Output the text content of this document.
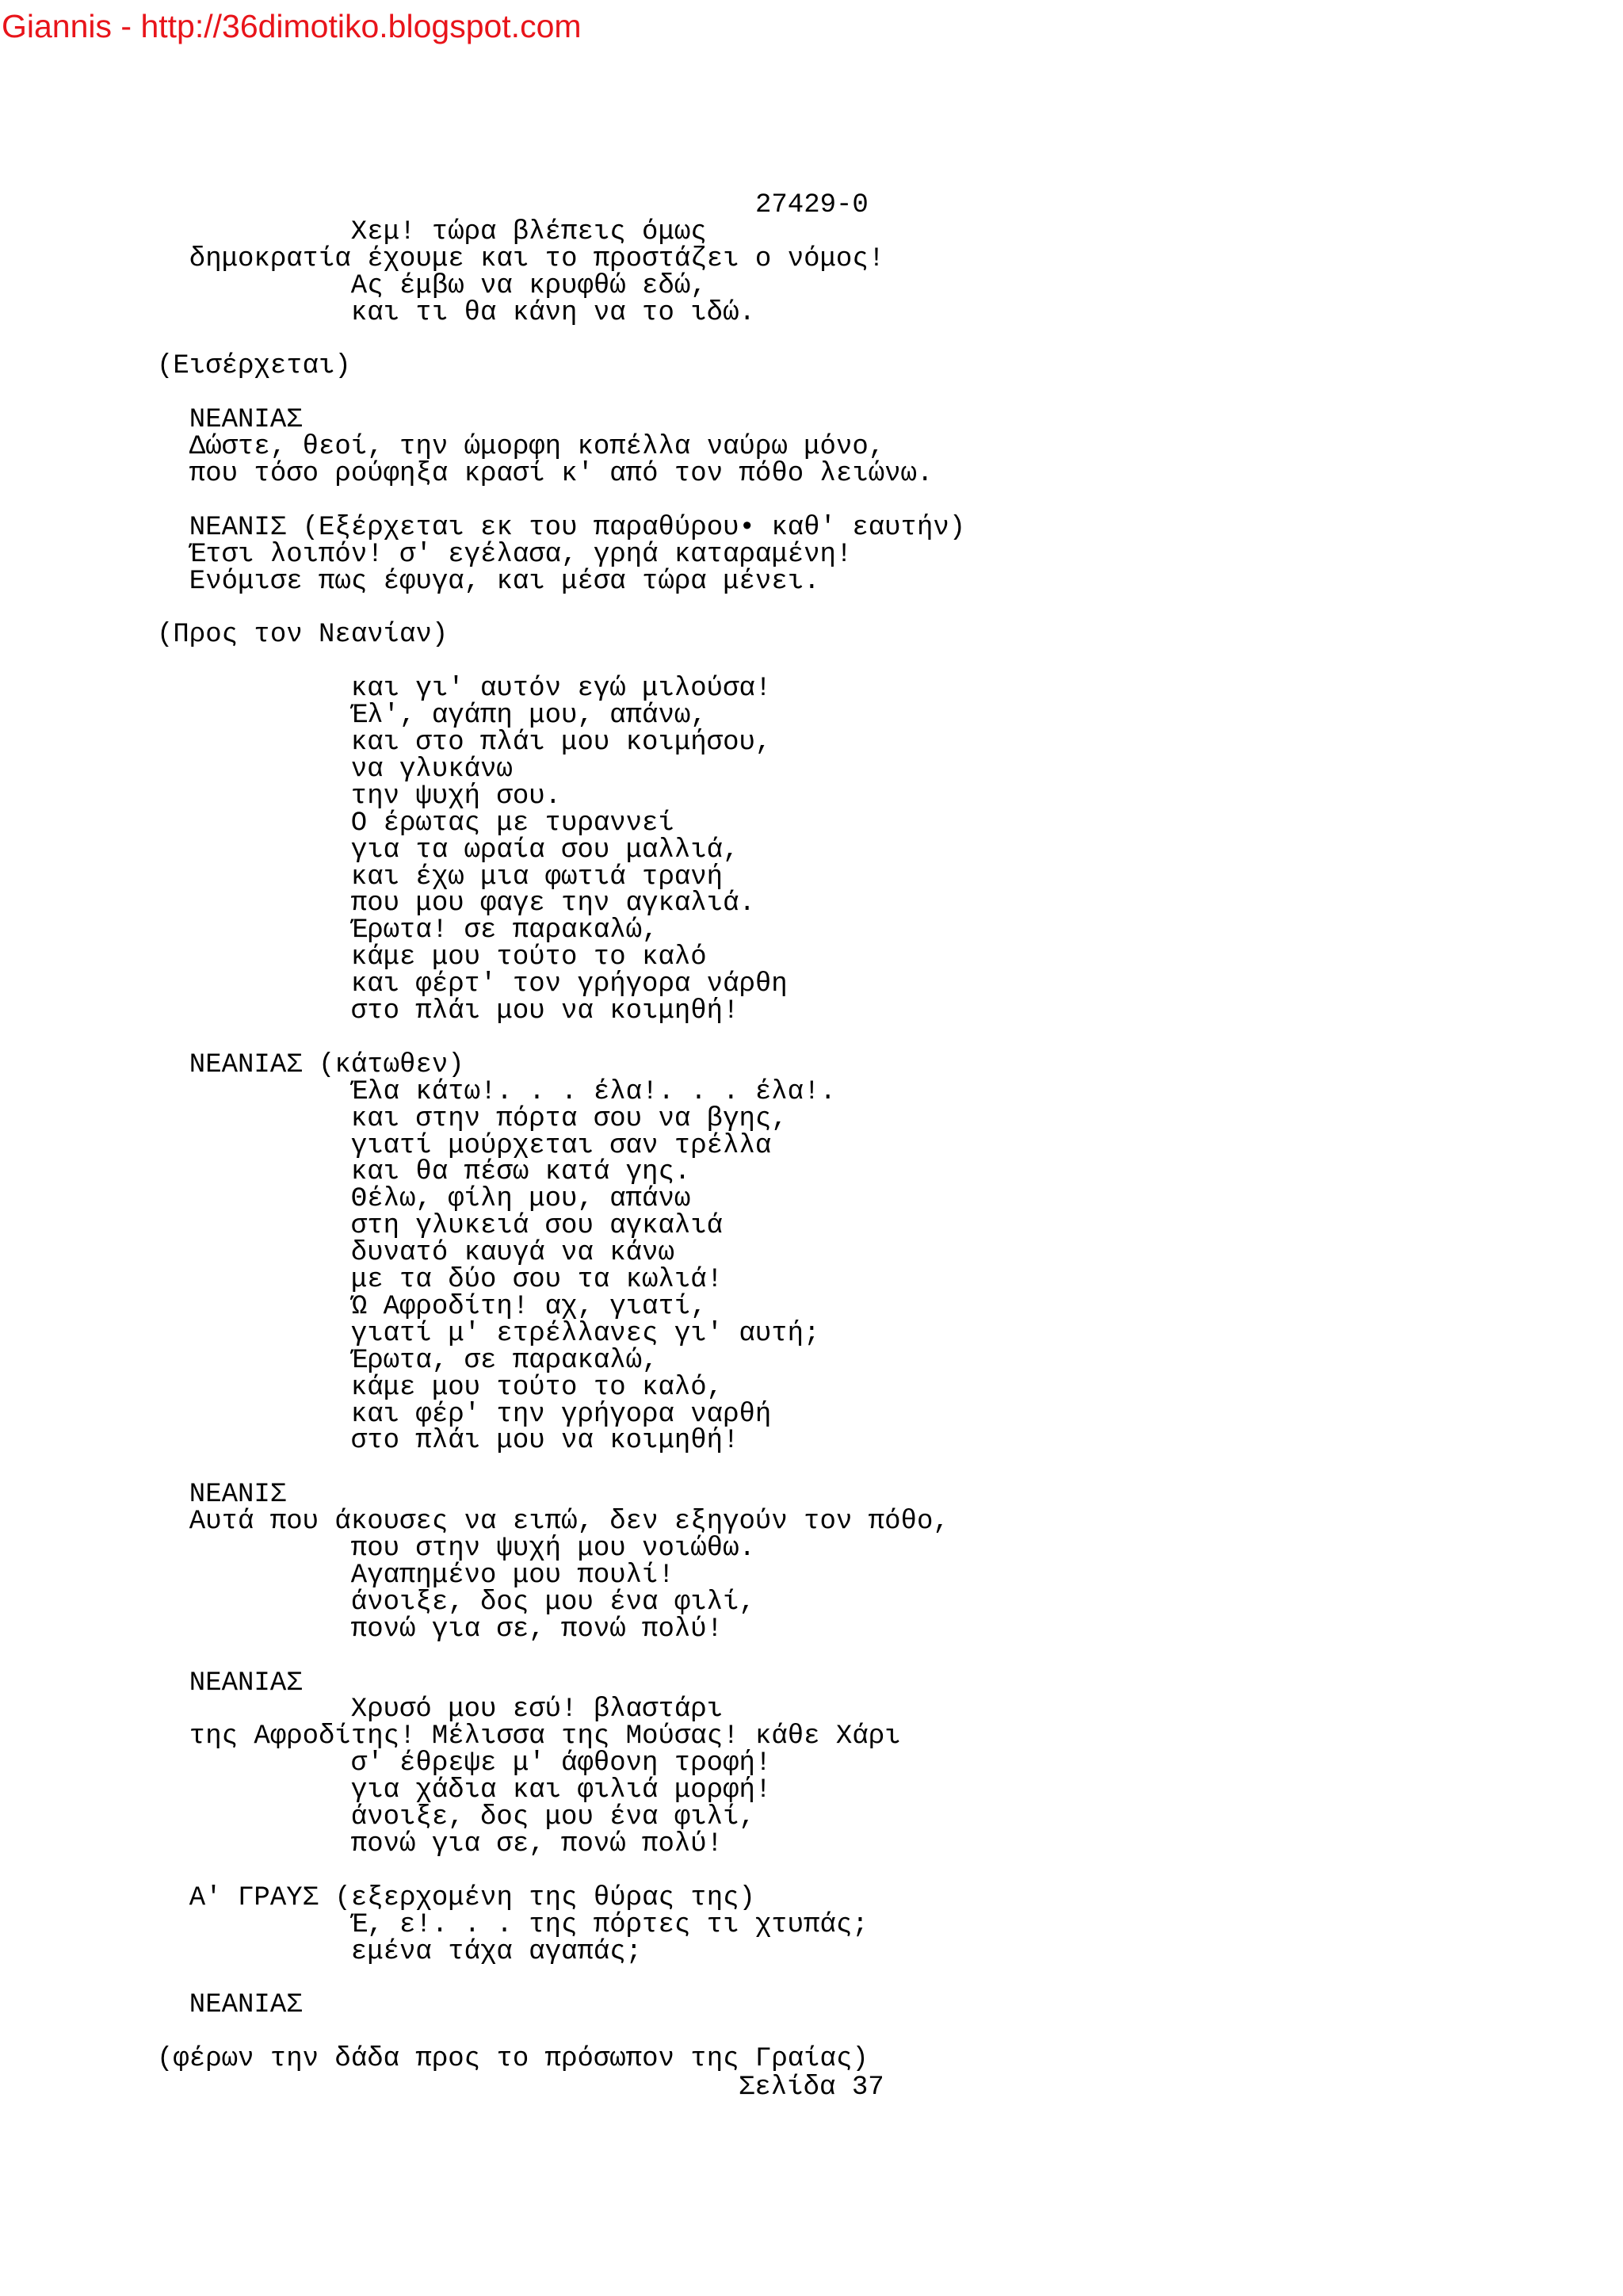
Giannis - http://36dimotiko.blogspot.com
27429-0
Χεμ! τώρα βλέπεις όμως
δημοκρατία έχουμε και το προστάζει ο νόμος!
Ας έμβω να κρυφθώ εδώ,
και τι θα κάνη να το ιδώ.
(Εισέρχεται)
ΝΕΑΝΙΑΣ
Δώστε, θεοί, την ώμορφη κοπέλλα ναύρω μόνο,
που τόσο ρούφηξα κρασί κ' από τον πόθο λειώνω.
ΝΕΑΝΙΣ (Εξέρχεται εκ του παραθύρου• καθ' εαυτήν)
Έτσι λοιπόν! σ' εγέλασα, γρηά καταραμένη!
Ενόμισε πως έφυγα, και μέσα τώρα μένει.
(Προς τον Νεανίαν)
και γι' αυτόν εγώ μιλούσα!
Έλ', αγάπη μου, απάνω,
και στο πλάι μου κοιμήσου,
να γλυκάνω
την ψυχή σου.
Ο έρωτας με τυραννεί
για τα ωραία σου μαλλιά,
και έχω μια φωτιά τρανή
που μου φαγε την αγκαλιά.
Έρωτα! σε παρακαλώ,
κάμε μου τούτο το καλό
και φέρτ' τον γρήγορα νάρθη
στο πλάι μου να κοιμηθή!
ΝΕΑΝΙΑΣ (κάτωθεν)
Έλα κάτω!. . . έλα!. . . έλα!.
και στην πόρτα σου να βγης,
γιατί μούρχεται σαν τρέλλα
και θα πέσω κατά γης.
Θέλω, φίλη μου, απάνω
στη γλυκειά σου αγκαλιά
δυνατό καυγά να κάνω
με τα δύο σου τα κωλιά!
Ώ Αφροδίτη! αχ, γιατί,
γιατί μ' ετρέλλανες γι' αυτή;
Έρωτα, σε παρακαλώ,
κάμε μου τούτο το καλό,
και φέρ' την γρήγορα ναρθή
στο πλάι μου να κοιμηθή!
ΝΕΑΝΙΣ
Αυτά που άκουσες να ειπώ, δεν εξηγούν τον πόθο,
που στην ψυχή μου νοιώθω.
Αγαπημένο μου πουλί!
άνοιξε, δος μου ένα φιλί,
πονώ για σε, πονώ πολύ!
ΝΕΑΝΙΑΣ
Χρυσό μου εσύ! βλαστάρι
της Αφροδίτης! Μέλισσα της Μούσας! κάθε Χάρι
σ' έθρεψε μ' άφθονη τροφή!
για χάδια και φιλιά μορφή!
άνοιξε, δος μου ένα φιλί,
πονώ για σε, πονώ πολύ!
Α' ΓΡΑΥΣ (εξερχομένη της θύρας της)
Έ, ε!. . . της πόρτες τι χτυπάς;
εμένα τάχα αγαπάς;
ΝΕΑΝΙΑΣ
(φέρων την δάδα προς το πρόσωπον της Γραίας)
Σελίδα 37
